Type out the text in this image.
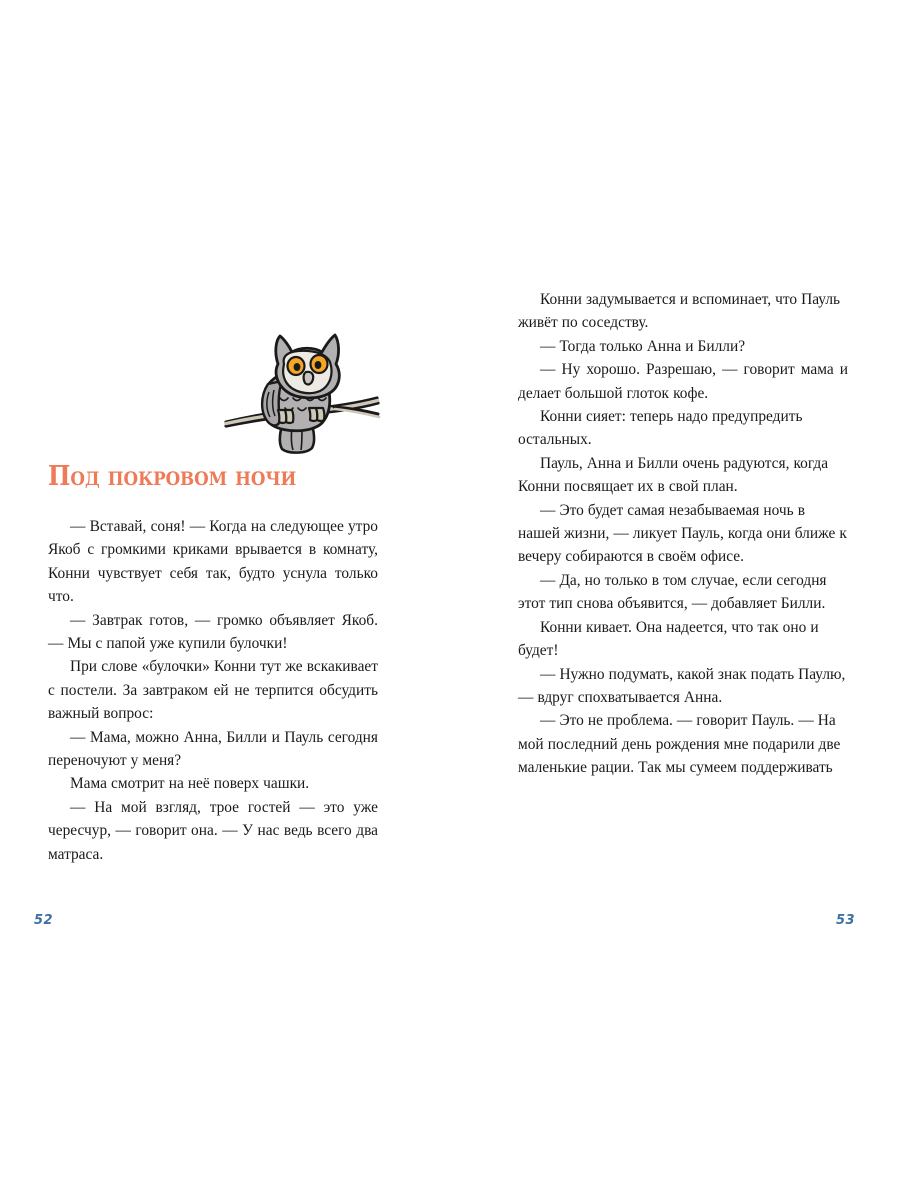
Под покровом ночи

— Вставай, соня! — Когда на следующее утро Якоб с громкими криками врывается в комнату, Конни чувствует себя так, будто уснула только что.

— Завтрак готов, — громко объявляет Якоб. — Мы с папой уже купили булочки!

При слове «булочки» Конни тут же вскакивает с постели. За завтраком ей не терпится обсудить важный вопрос:

— Мама, можно Анна, Билли и Пауль сегодня переночуют у меня?

Мама смотрит на неё поверх чашки.

— На мой взгляд, трое гостей — это уже чересчур, — говорит она. — У нас ведь всего два матраса.

Конни задумывается и вспоминает, что Пауль живёт по соседству.

— Тогда только Анна и Билли?

— Ну хорошо. Разрешаю, — говорит мама и делает большой глоток кофе.

Конни сияет: теперь надо предупредить остальных.

Пауль, Анна и Билли очень радуются, когда Конни посвящает их в свой план.

— Это будет самая незабываемая ночь в нашей жизни, — ликует Пауль, когда они ближе к вечеру собираются в своём офисе.

— Да, но только в том случае, если сегодня этот тип снова объявится, — добавляет Билли.

Конни кивает. Она надеется, что так оно и будет!

— Нужно подумать, какой знак подать Паулю, — вдруг спохватывается Анна.

— Это не проблема. — говорит Пауль. — На мой последний день рождения мне подарили две маленькие рации. Так мы сумеем поддерживать

52	53
